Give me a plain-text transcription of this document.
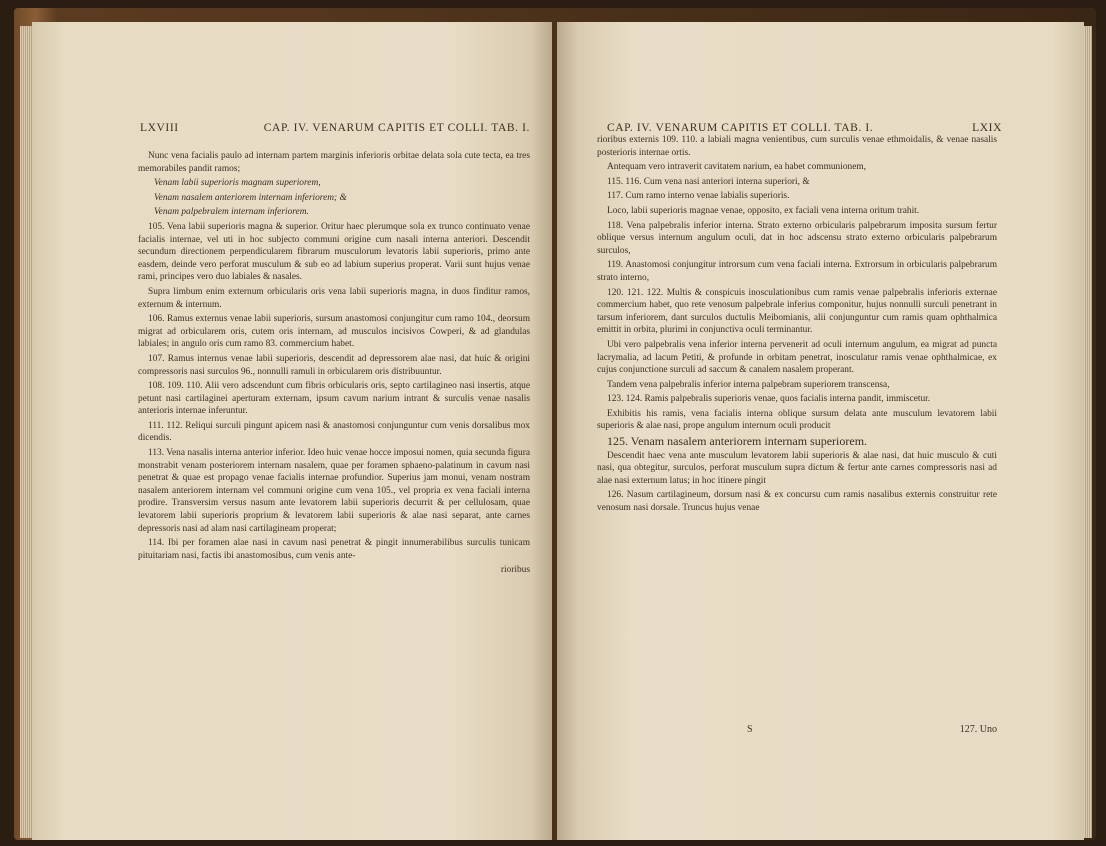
LXVIII	CAP. IV. VENARUM CAPITIS ET COLLI. TAB. I.

Nunc vena facialis paulo ad internam partem marginis inferioris orbitae delata sola cute tecta, ea tres memorabiles pandit ramos;

Venam labii superioris magnam superiorem,

Venam nasalem anteriorem internam inferiorem; &

Venam palpebralem internam inferiorem.

105. Vena labii superioris magna & superior. Oritur haec plerumque sola ex trunco continuato venae facialis internae, vel uti in hoc subjecto communi origine cum nasali interna anteriori. Descendit secundum directionem perpendicularem fibrarum musculorum levatoris labii superioris, primo ante easdem, deinde vero perforat musculum & sub eo ad labium superius properat. Varii sunt hujus venae rami, principes vero duo labiales & nasales.

Supra limbum enim externum orbicularis oris vena labii superioris magna, in duos finditur ramos, externum & internum.

106. Ramus externus venae labii superioris, sursum anastomosi conjungitur cum ramo 104., deorsum migrat ad orbicularem oris, cutem oris internam, ad musculos incisivos Cowperi, & ad glandulas labiales; in angulo oris cum ramo 83. commercium habet.

107. Ramus internus venae labii superioris, descendit ad depressorem alae nasi, dat huic & origini compressoris nasi surculos 96., nonnulli ramuli in orbicularem oris distribuuntur.

108. 109. 110. Alii vero adscendunt cum fibris orbicularis oris, septo cartilagineo nasi insertis, atque petunt nasi cartilaginei aperturam externam, ipsum cavum narium intrant & surculis venae nasalis anterioris internae inferuntur.

111. 112. Reliqui surculi pingunt apicem nasi & anastomosi conjunguntur cum venis dorsalibus mox dicendis.

113. Vena nasalis interna anterior inferior. Ideo huic venae hocce imposui nomen, quia secunda figura monstrabit venam posteriorem internam nasalem, quae per foramen sphaeno-palatinum in cavum nasi penetrat & quae est propago venae facialis internae profundior. Superius jam monui, venam nostram nasalem anteriorem internam vel communi origine cum vena 105., vel propria ex vena faciali interna prodire. Transversim versus nasum ante levatorem labii superioris decurrit & per cellulosam, quae levatorem labii superioris proprium & levatorem labii superioris & alae nasi separat, ante carnes depressoris nasi ad alam nasi cartilagineam properat;

114. Ibi per foramen alae nasi in cavum nasi penetrat & pingit innumerabilibus surculis tunicam pituitariam nasi, factis ibi anastomosibus, cum venis ante-

rioribus

CAP. IV. VENARUM CAPITIS ET COLLI. TAB. I.	LXIX

rioribus externis 109. 110. a labiali magna venientibus, cum surculis venae ethmoidalis, & venae nasalis posterioris internae ortis.

Antequam vero intraverit cavitatem narium, ea habet communionem,

115. 116. Cum vena nasi anteriori interna superiori, &

117. Cum ramo interno venae labialis superioris.

Loco, labii superioris magnae venae, opposito, ex faciali vena interna oritum trahit.

118. Vena palpebralis inferior interna. Strato externo orbicularis palpebrarum imposita sursum fertur oblique versus internum angulum oculi, dat in hoc adscensu strato externo orbicularis palpebrarum surculos,

119. Anastomosi conjungitur introrsum cum vena faciali interna. Extrorsum in orbicularis palpebrarum strato interno,

120. 121. 122. Multis & conspicuis inosculationibus cum ramis venae palpebralis inferioris externae commercium habet, quo rete venosum palpebrale inferius componitur, hujus nonnulli surculi penetrant in tarsum inferiorem, dant surculos ductulis Meibomianis, alii conjunguntur cum ramis quam ophthalmica emittit in orbita, plurimi in conjunctiva oculi terminantur.

Ubi vero palpebralis vena inferior interna pervenerit ad oculi internum angulum, ea migrat ad puncta lacrymalia, ad lacum Petiti, & profunde in orbitam penetrat, inosculatur ramis venae ophthalmicae, ex cujus conjunctione surculi ad saccum & canalem nasalem properant.

Tandem vena palpebralis inferior interna palpebram superiorem transcensa,

123. 124. Ramis palpebralis superioris venae, quos facialis interna pandit, immiscetur.

Exhibitis his ramis, vena facialis interna oblique sursum delata ante musculum levatorem labii superioris & alae nasi, prope angulum internum oculi producit

125. Venam nasalem anteriorem internam superiorem.

Descendit haec vena ante musculum levatorem labii superioris & alae nasi, dat huic musculo & cuti nasi, qua obtegitur, surculos, perforat musculum supra dictum & fertur ante carnes compressoris nasi ad alae nasi externum latus; in hoc itinere pingit

126. Nasum cartilagineum, dorsum nasi & ex concursu cum ramis nasalibus externis construitur rete venosum nasi dorsale. Truncus hujus venae

S	127. Uno
